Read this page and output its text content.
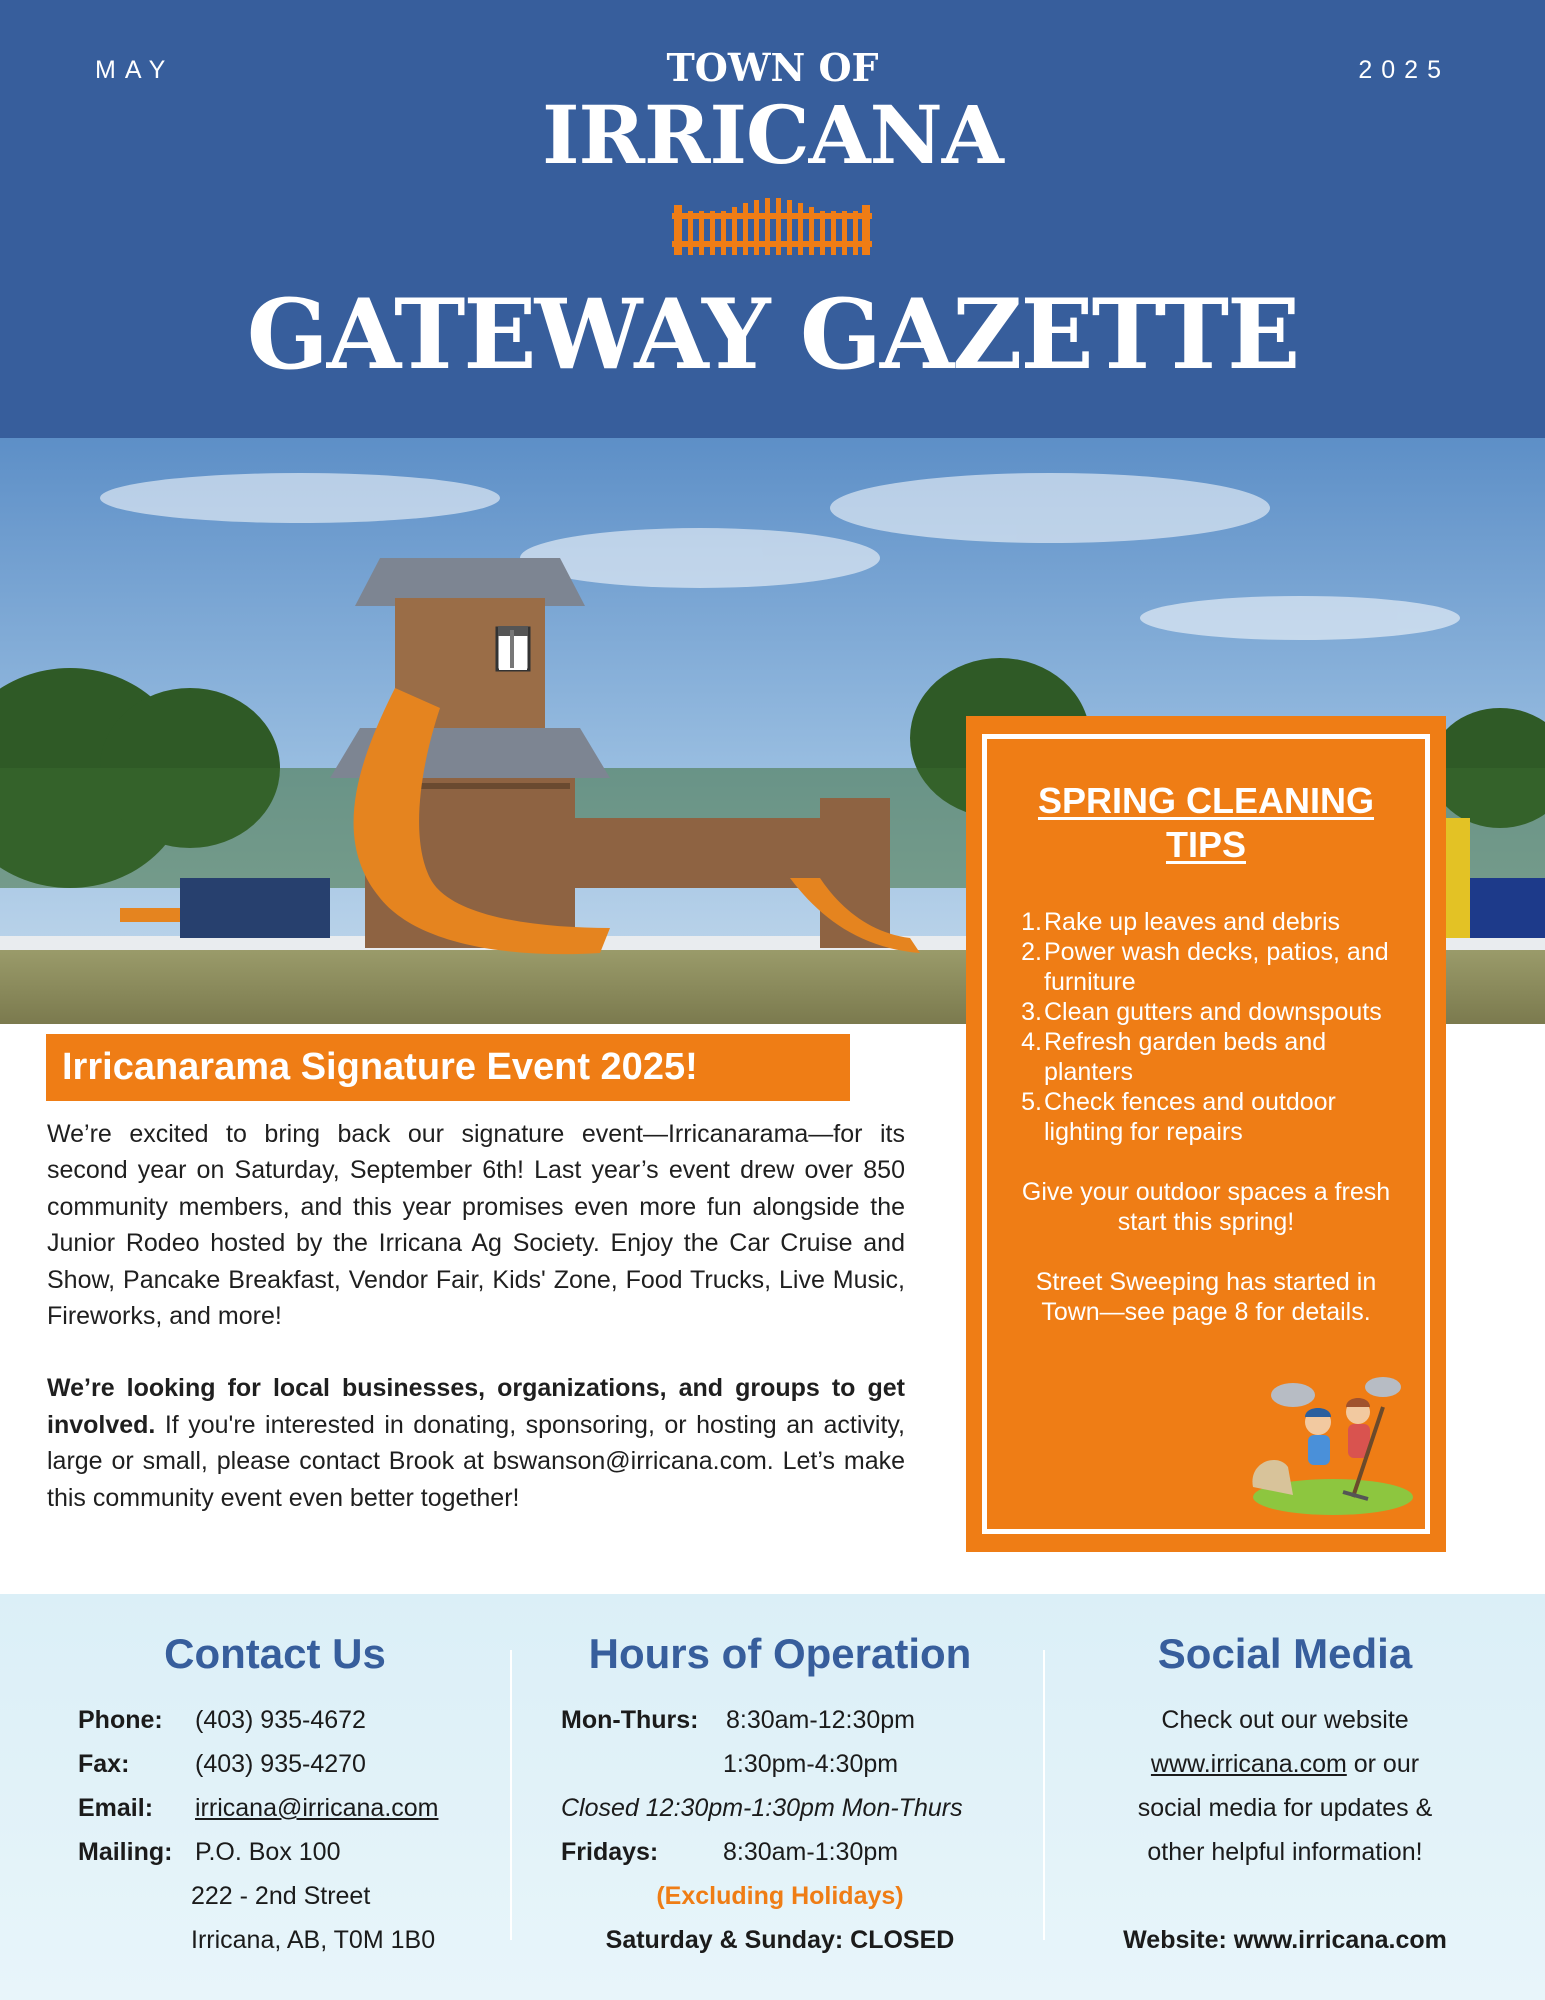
MAY	2025
TOWN OF
IRRICANA
GATEWAY GAZETTE
SPRING CLEANING TIPS
1. Rake up leaves and debris
2. Power wash decks, patios, and furniture
3. Clean gutters and downspouts
4. Refresh garden beds and planters
5. Check fences and outdoor lighting for repairs
Give your outdoor spaces a fresh start this spring!
Street Sweeping has started in Town—see page 8 for details.
Irricanarama Signature Event 2025!

We’re excited to bring back our signature event—Irricanarama—for its second year on Saturday, September 6th! Last year’s event drew over 850 community members, and this year promises even more fun alongside the Junior Rodeo hosted by the Irricana Ag Society. Enjoy the Car Cruise and Show, Pancake Breakfast, Vendor Fair, Kids' Zone, Food Trucks, Live Music, Fireworks, and more!

We’re looking for local businesses, organizations, and groups to get involved. If you're interested in donating, sponsoring, or hosting an activity, large or small, please contact Brook at bswanson@irricana.com. Let’s make this community event even better together!

Contact Us
Phone: (403) 935-4672
Fax:	(403) 935-4270
Email: irricana@irricana.com
Mailing: P.O. Box 100
222 - 2nd Street
Irricana, AB, T0M 1B0
Hours of Operation
Mon-Thurs: 8:30am-12:30pm
1:30pm-4:30pm
Closed 12:30pm-1:30pm Mon-Thurs
Fridays:	8:30am-1:30pm
(Excluding Holidays)
Saturday & Sunday: CLOSED
Social Media
Check out our website
www.irricana.com or our
social media for updates &
other helpful information!
Website: www.irricana.com
